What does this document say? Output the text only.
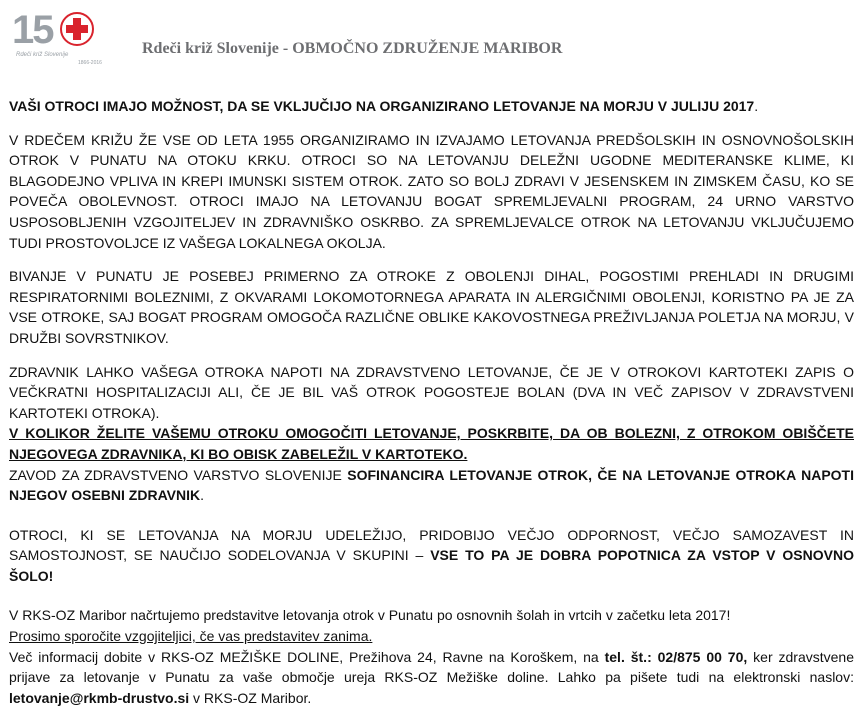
15
Rdeči križ Slovenije
1866-2016
Rdeči križ Slovenije - OBMOČNO ZDRUŽENJE MARIBOR

VAŠI OTROCI IMAJO MOŽNOST, DA SE VKLJUČIJO NA ORGANIZIRANO LETOVANJE NA MORJU V JULIJU 2017.

V RDEČEM KRIŽU ŽE VSE OD LETA 1955 ORGANIZIRAMO IN IZVAJAMO LETOVANJA PREDŠOLSKIH IN OSNOVNOŠOLSKIH OTROK V PUNATU NA OTOKU KRKU. OTROCI SO NA LETOVANJU DELEŽNI UGODNE MEDITERANSKE KLIME, KI BLAGODEJNO VPLIVA IN KREPI IMUNSKI SISTEM OTROK. ZATO SO BOLJ ZDRAVI V JESENSKEM IN ZIMSKEM ČASU, KO SE POVEČA OBOLEVNOST. OTROCI IMAJO NA LETOVANJU BOGAT SPREMLJEVALNI PROGRAM, 24 URNO VARSTVO USPOSOBLJENIH VZGOJITELJEV IN ZDRAVNIŠKO OSKRBO. ZA SPREMLJEVALCE OTROK NA LETOVANJU VKLJUČUJEMO TUDI PROSTOVOLJCE IZ VAŠEGA LOKALNEGA OKOLJA.

BIVANJE V PUNATU JE POSEBEJ PRIMERNO ZA OTROKE Z OBOLENJI DIHAL, POGOSTIMI PREHLADI IN DRUGIMI RESPIRATORNIMI BOLEZNIMI, Z OKVARAMI LOKOMOTORNEGA APARATA IN ALERGIČNIMI OBOLENJI, KORISTNO PA JE ZA VSE OTROKE, SAJ BOGAT PROGRAM OMOGOČA RAZLIČNE OBLIKE KAKOVOSTNEGA PREŽIVLJANJA POLETJA NA MORJU, V DRUŽBI SOVRSTNIKOV.

ZDRAVNIK LAHKO VAŠEGA OTROKA NAPOTI NA ZDRAVSTVENO LETOVANJE, ČE JE V OTROKOVI KARTOTEKI ZAPIS O VEČKRATNI HOSPITALIZACIJI ALI, ČE JE BIL VAŠ OTROK POGOSTEJE BOLAN (DVA IN VEČ ZAPISOV V ZDRAVSTVENI KARTOTEKI OTROKA).

V KOLIKOR ŽELITE VAŠEMU OTROKU OMOGOČITI LETOVANJE, POSKRBITE, DA OB BOLEZNI, Z OTROKOM OBIŠČETE NJEGOVEGA ZDRAVNIKA, KI BO OBISK ZABELEŽIL V KARTOTEKO.

ZAVOD ZA ZDRAVSTVENO VARSTVO SLOVENIJE SOFINANCIRA LETOVANJE OTROK, ČE NA LETOVANJE OTROKA NAPOTI NJEGOV OSEBNI ZDRAVNIK.

OTROCI, KI SE LETOVANJA NA MORJU UDELEŽIJO, PRIDOBIJO VEČJO ODPORNOST, VEČJO SAMOZAVEST IN SAMOSTOJNOST, SE NAUČIJO SODELOVANJA V SKUPINI – VSE TO PA JE DOBRA POPOTNICA ZA VSTOP V OSNOVNO ŠOLO!

V RKS-OZ Maribor načrtujemo predstavitve letovanja otrok v Punatu po osnovnih šolah in vrtcih v začetku leta 2017!
Prosimo sporočite vzgojiteljici, če vas predstavitev zanima.

Več informacij dobite v RKS-OZ MEŽIŠKE DOLINE, Prežihova 24, Ravne na Koroškem, na tel. št.: 02/875 00 70, ker zdravstvene prijave za letovanje v Punatu za vaše območje ureja RKS-OZ Mežiške doline. Lahko pa pišete tudi na elektronski naslov: letovanje@rkmb-drustvo.si v RKS-OZ Maribor.
